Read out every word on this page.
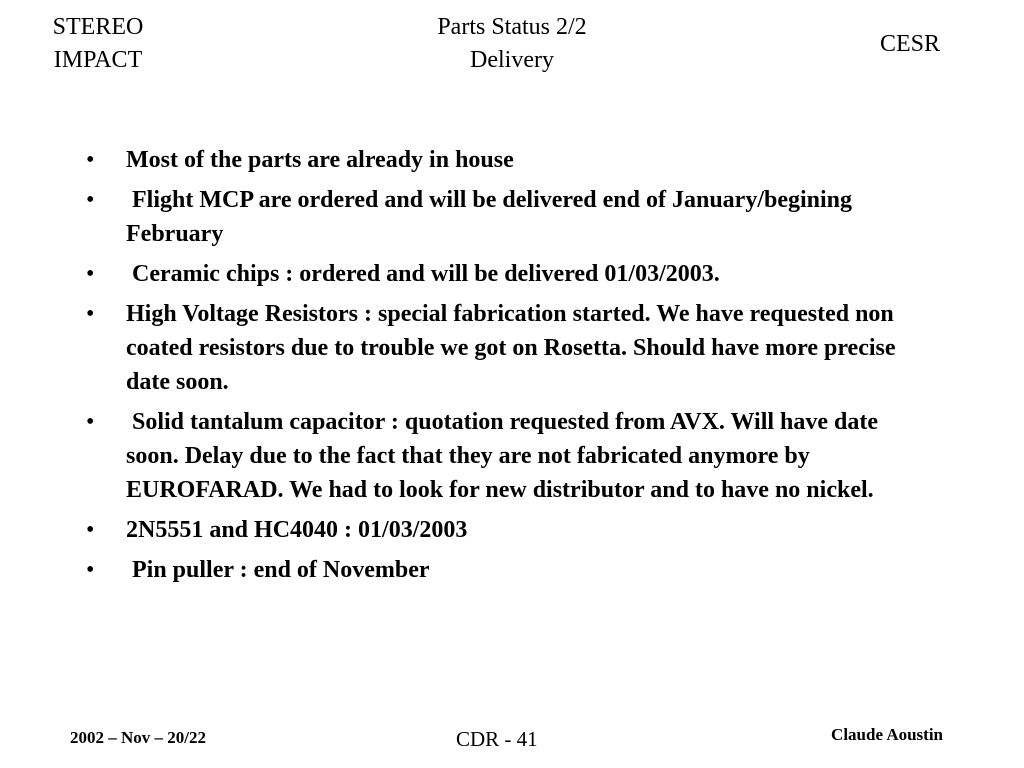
STEREO
IMPACT
Parts Status 2/2
Delivery
CESR
• Most of the parts are already in house
• Flight MCP are ordered and will be delivered end of January/begining February
• Ceramic chips : ordered and will be delivered 01/03/2003.
• High Voltage Resistors : special fabrication started. We have requested non coated resistors due to trouble we got on Rosetta. Should have more precise date soon.
• Solid tantalum capacitor : quotation requested from AVX. Will have date soon. Delay due to the fact that they are not fabricated anymore by EUROFARAD. We had to look for new distributor and to have no nickel.
• 2N5551 and HC4040 : 01/03/2003
• Pin puller : end of November
2002 – Nov – 20/22	CDR - 41	Claude Aoustin
